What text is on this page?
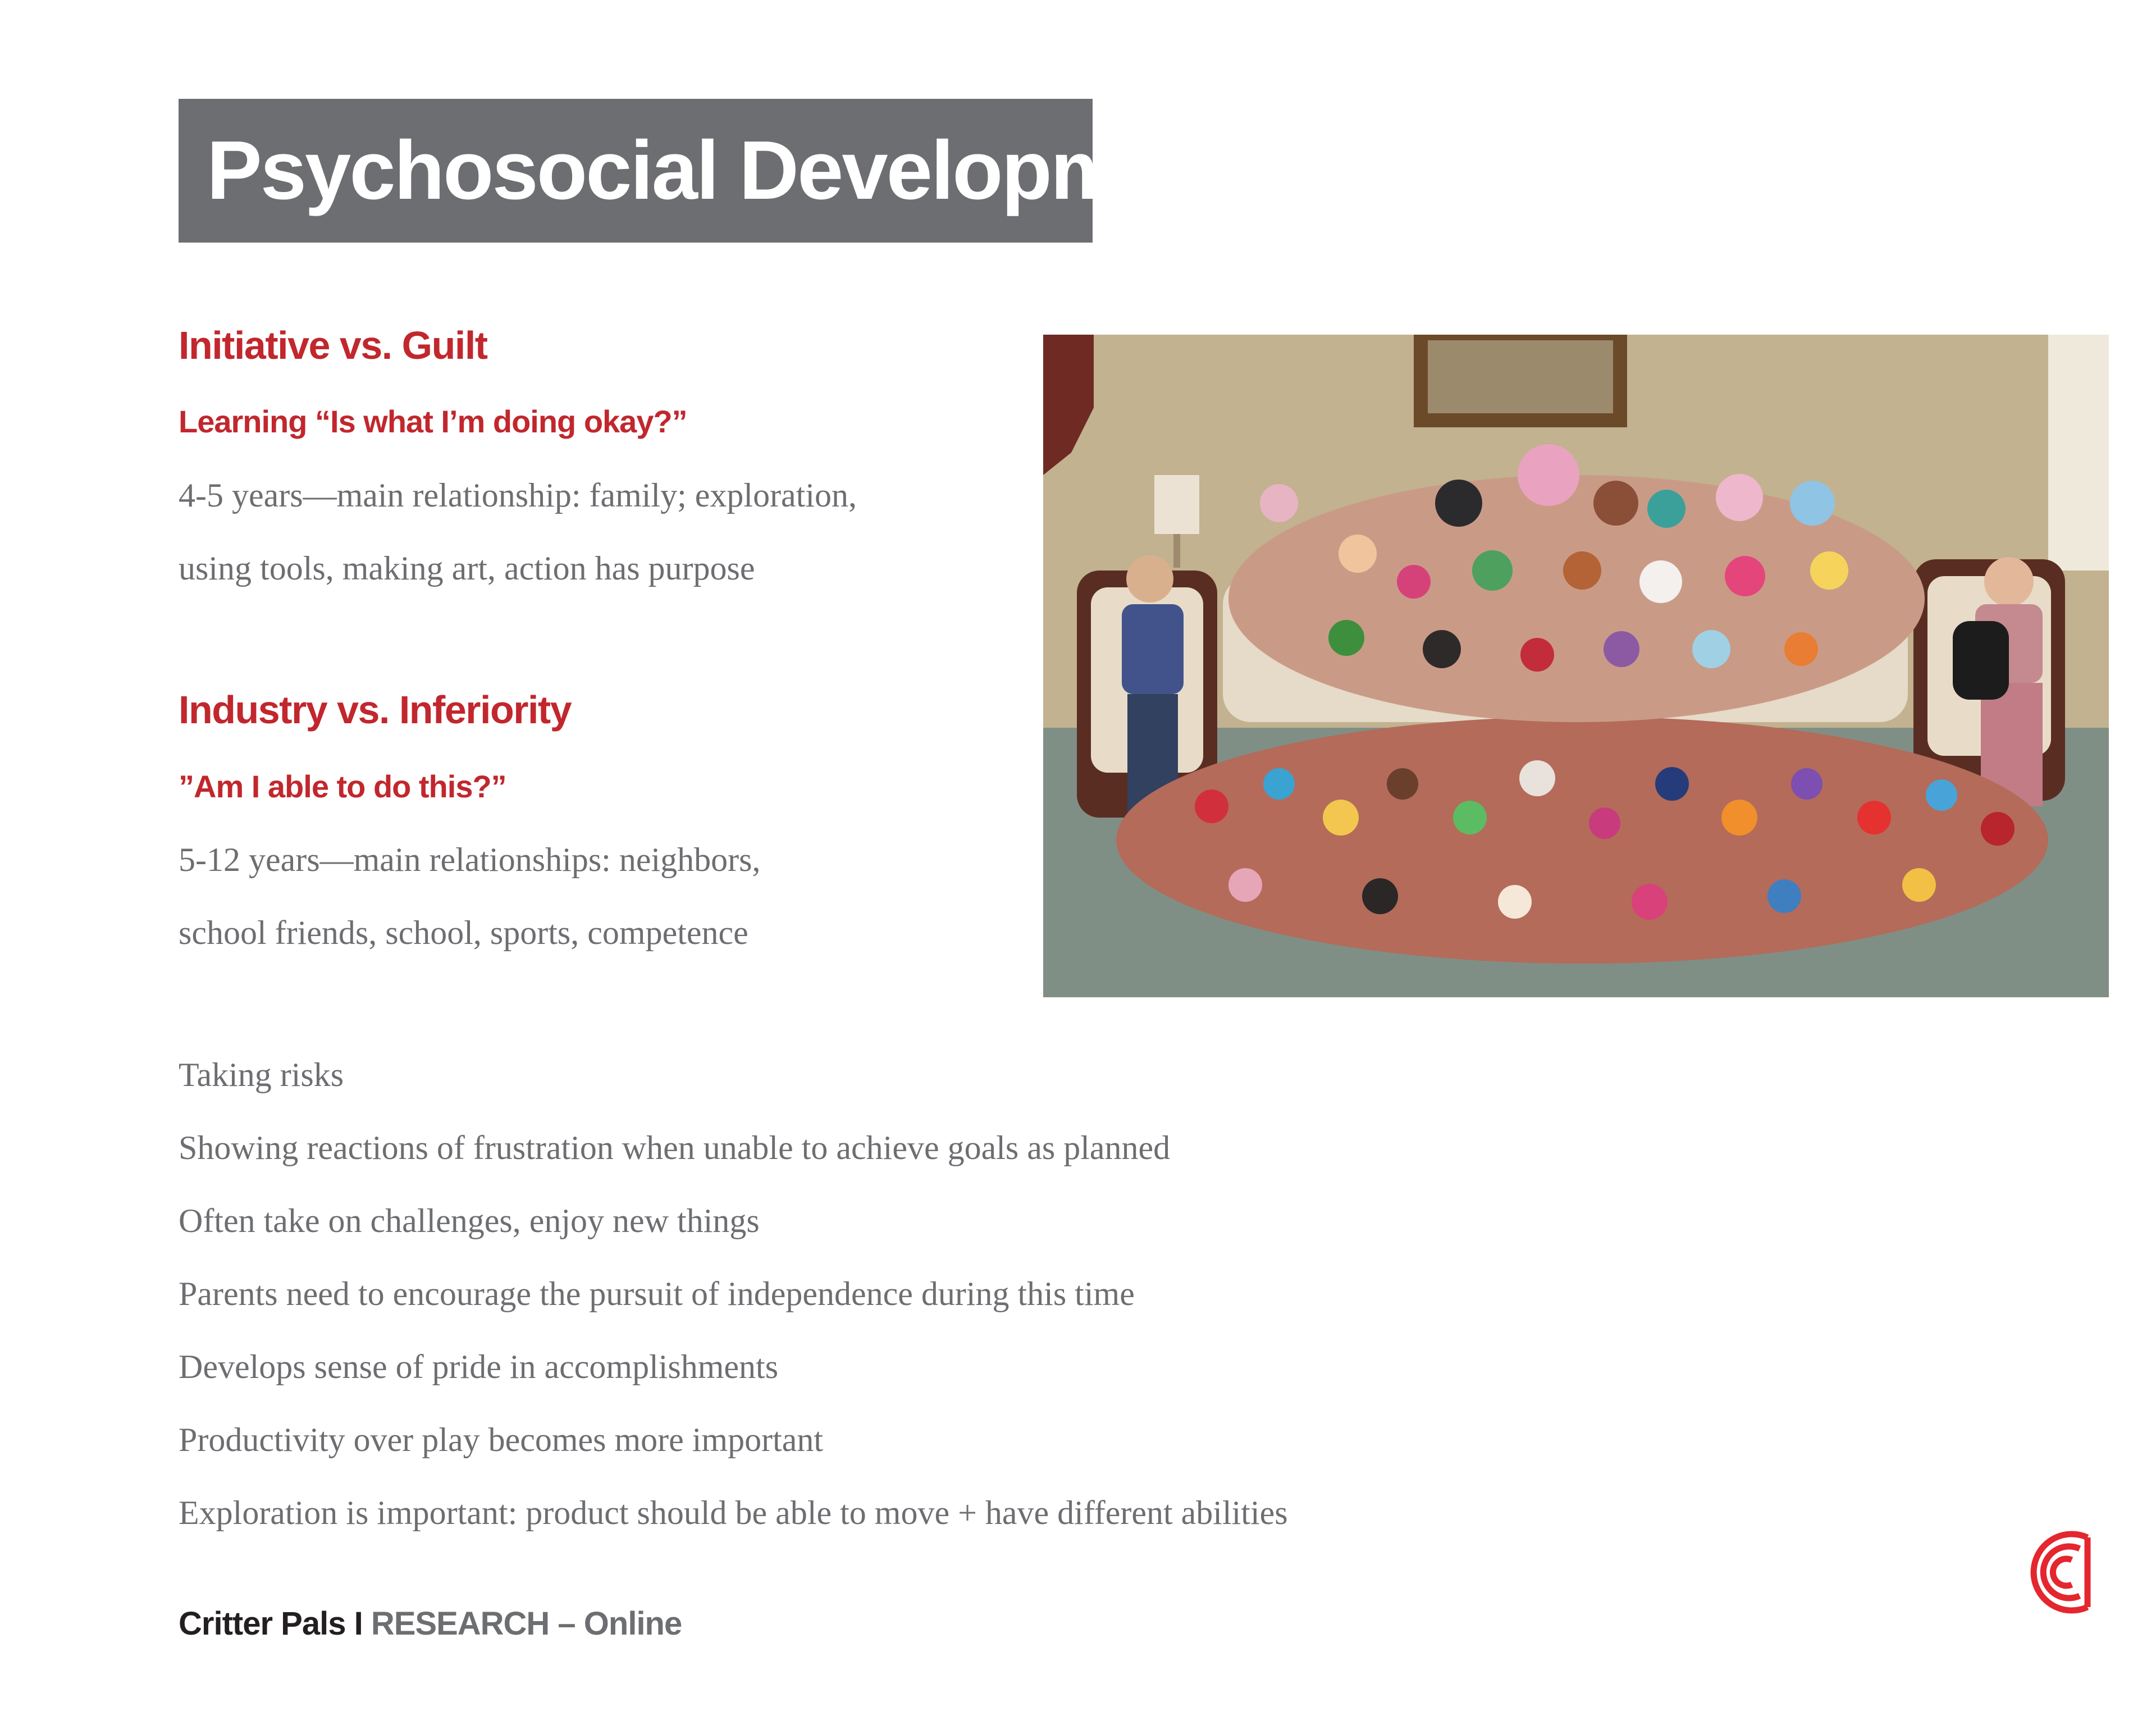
Psychosocial Development
Initiative vs. Guilt
Learning “Is what I’m doing okay?”
4-5 years—main relationship: family; exploration,
using tools, making art, action has purpose
Industry vs. Inferiority
”Am I able to do this?”
5-12 years—main relationships: neighbors,
school friends, school, sports, competence
Taking risks
Showing reactions of frustration when unable to achieve goals as planned
Often take on challenges, enjoy new things
Parents need to encourage the pursuit of independence during this time
Develops sense of pride in accomplishments
Productivity over play becomes more important
Exploration is important: product should be able to move + have different abilities
Critter Pals I RESEARCH – Online
